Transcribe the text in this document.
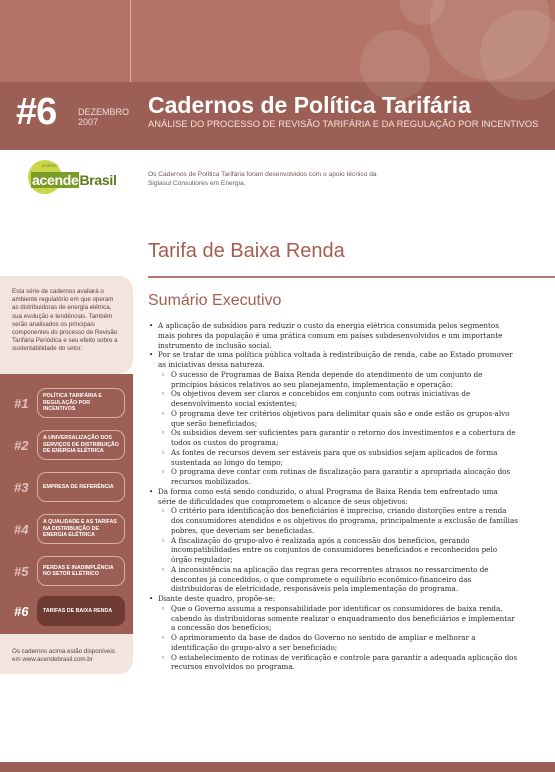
#6 DEZEMBRO
2007
Cadernos de Política Tarifária
ANÁLISE DO PROCESSO DE REVISÃO TARIFÁRIA E DA REGULAÇÃO POR INCENTIVOS
Instituto
acendeBrasil	Os Cadernos de Política Tarifária foram desenvolvidos com o apoio técnico da Siglasul Consultores em Energia.

Esta série de cadernos avaliará o ambiente regulatório em que operam as distribuidoras de energia elétrica, sua evolução e tendências. Também serão analisados os principais componentes do processo de Revisão Tarifária Periódica e seu efeito sobre a sustentabilidade do setor.

#1	POLÍTICA TARIFÁRIA E REGULAÇÃO POR INCENTIVOS
#2	A UNIVERSALIZAÇÃO DOS SERVIÇOS DE DISTRIBUIÇÃO DE ENERGIA ELÉTRICA
#3	EMPRESA DE REFERÊNCIA
#4	A QUALIDADE E AS TARIFAS NA DISTRIBUIÇÃO DE ENERGIA ELÉTRICA
#5	PERDAS E INADIMPLÊNCIA NO SETOR ELÉTRICO
#6	TARIFAS DE BAIXA RENDA

Os cadernos acima estão disponíveis em www.acendebrasil.com.br

Tarifa de Baixa Renda
Sumário Executivo
• A aplicação de subsídios para reduzir o custo da energia elétrica consumida pelos segmentos mais pobres da população é uma prática comum em países subdesenvolvidos e um importante instrumento de inclusão social.
• Por se tratar de uma política pública voltada à redistribuição de renda, cabe ao Estado promover as iniciativas dessa natureza.
◦ O sucesso de Programas de Baixa Renda depende do atendimento de um conjunto de princípios básicos relativos ao seu planejamento, implementação e operação:
◦ Os objetivos devem ser claros e concebidos em conjunto com outras iniciativas de desenvolvimento social existentes;
◦ O programa deve ter critérios objetivos para delimitar quais são e onde estão os grupos-alvo que serão beneficiados;
◦ Os subsídios devem ser suficientes para garantir o retorno dos investimentos e a cobertura de todos os custos do programa;
◦ As fontes de recursos devem ser estáveis para que os subsídios sejam aplicados de forma sustentada ao longo do tempo;
◦ O programa deve contar com rotinas de fiscalização para garantir a apropriada alocação dos recursos mobilizados.
• Da forma como está sendo conduzido, o atual Programa de Baixa Renda tem enfrentado uma série de dificuldades que comprometem o alcance de seus objetivos:
◦ O critério para identificação dos beneficiários é impreciso, criando distorções entre a renda dos consumidores atendidos e os objetivos do programa, principalmente a exclusão de famílias pobres, que deveriam ser beneficiadas.
◦ A fiscalização do grupo-alvo é realizada após a concessão dos benefícios, gerando incompatibilidades entre os conjuntos de consumidores beneficiados e reconhecidos pelo órgão regulador;
◦ A inconsistência na aplicação das regras gera recorrentes atrasos no ressarcimento de descontos já concedidos, o que compromete o equilíbrio econômico-financeiro das distribuidoras de eletricidade, responsáveis pela implementação do programa.
• Diante deste quadro, propõe-se:
◦ Que o Governo assuma a responsabilidade por identificar os consumidores de baixa renda, cabendo às distribuidoras somente realizar o enquadramento dos beneficiários e implementar a concessão dos benefícios;
◦ O aprimoramento da base de dados do Governo no sentido de ampliar e melhorar a identificação do grupo-alvo a ser beneficiado;
◦ O estabelecimento de rotinas de verificação e controle para garantir a adequada aplicação dos recursos envolvidos no programa.
